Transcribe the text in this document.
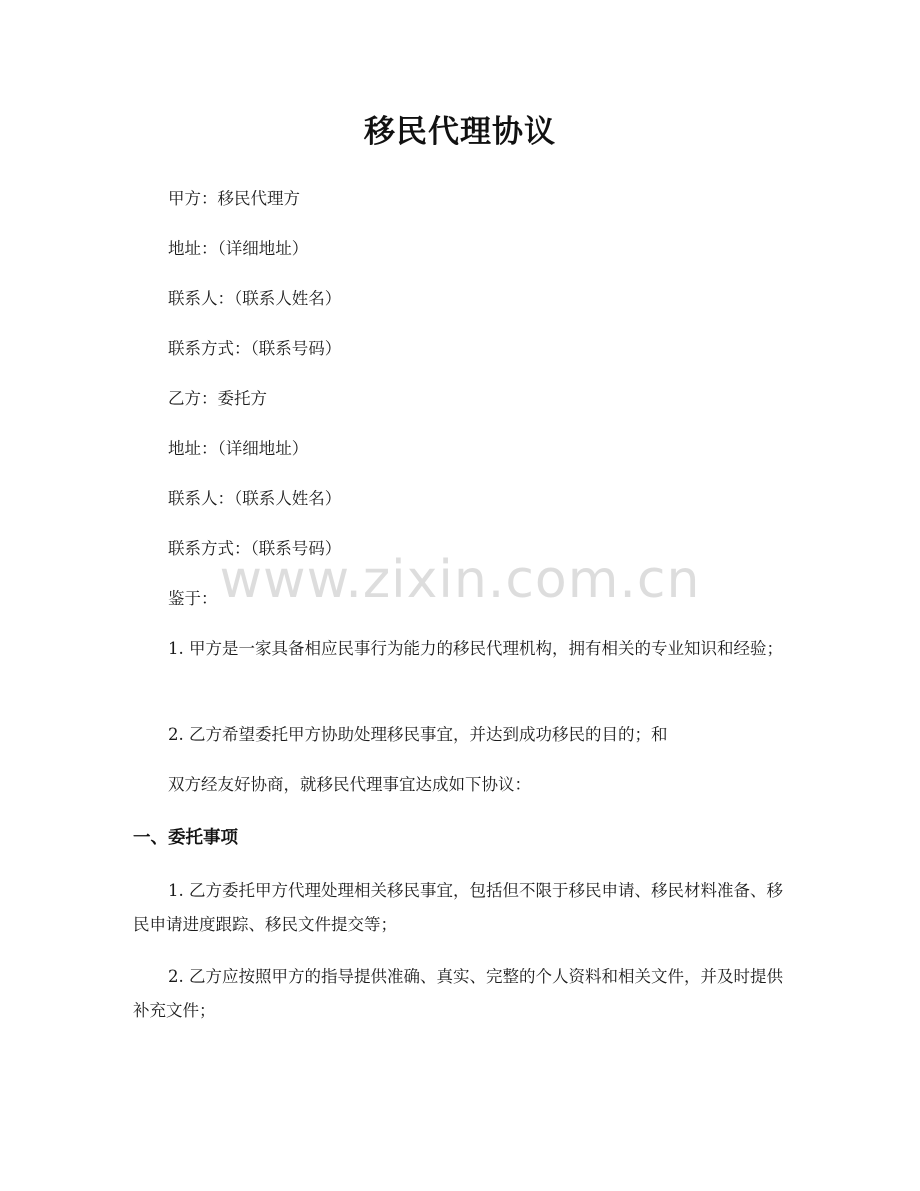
移民代理协议
甲方：移民代理方
地址：（详细地址）
联系人：（联系人姓名）
联系方式：（联系号码）
乙方：委托方
地址：（详细地址）
联系人：（联系人姓名）
联系方式：（联系号码）
鉴于：
1. 甲方是一家具备相应民事行为能力的移民代理机构，拥有相关的专业知识和经验；
2. 乙方希望委托甲方协助处理移民事宜，并达到成功移民的目的；和
双方经友好协商，就移民代理事宜达成如下协议：
一、委托事项
1. 乙方委托甲方代理处理相关移民事宜，包括但不限于移民申请、移民材料准备、移民申请进度跟踪、移民文件提交等；
2. 乙方应按照甲方的指导提供准确、真实、完整的个人资料和相关文件，并及时提供补充文件；
www.zixin.com.cn
